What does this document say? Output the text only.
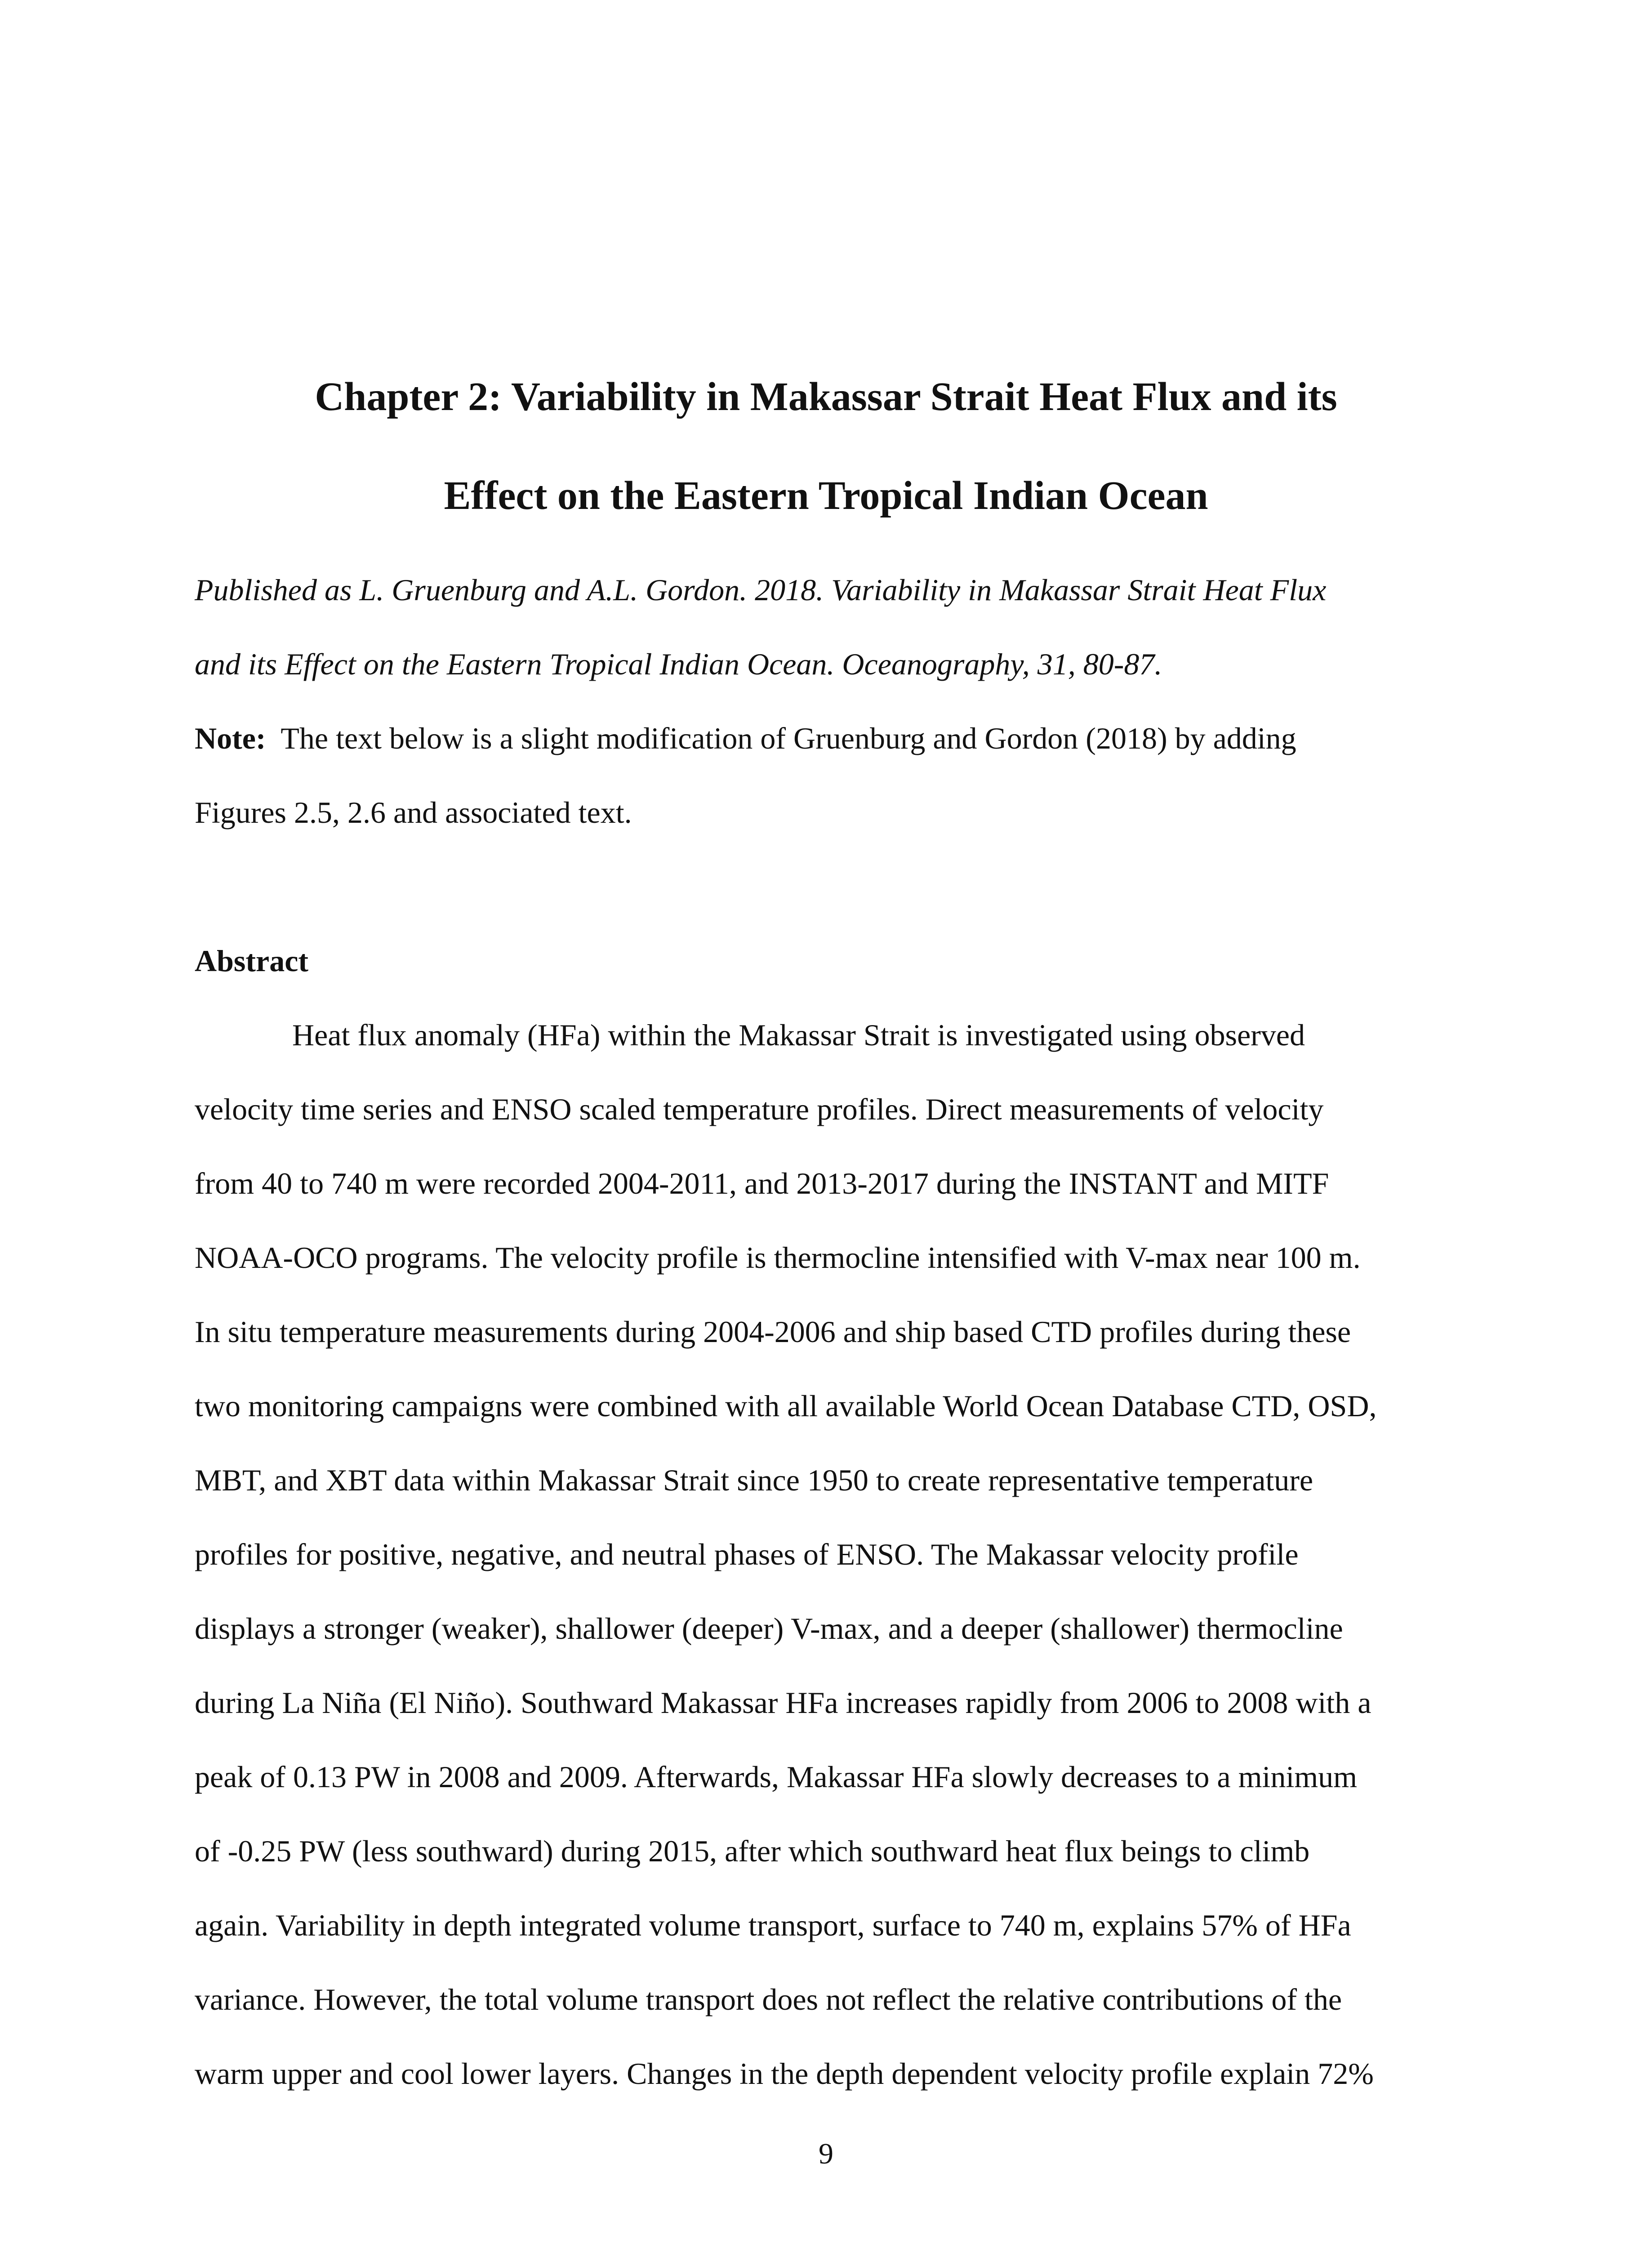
Chapter 2: Variability in Makassar Strait Heat Flux and its
Effect on the Eastern Tropical Indian Ocean
Published as L. Gruenburg and A.L. Gordon. 2018. Variability in Makassar Strait Heat Flux
and its Effect on the Eastern Tropical Indian Ocean. Oceanography, 31, 80-87.
Note:  The text below is a slight modification of Gruenburg and Gordon (2018) by adding
Figures 2.5, 2.6 and associated text.
Abstract
Heat flux anomaly (HFa) within the Makassar Strait is investigated using observed
velocity time series and ENSO scaled temperature profiles. Direct measurements of velocity
from 40 to 740 m were recorded 2004-2011, and 2013-2017 during the INSTANT and MITF
NOAA-OCO programs. The velocity profile is thermocline intensified with V-max near 100 m.
In situ temperature measurements during 2004-2006 and ship based CTD profiles during these
two monitoring campaigns were combined with all available World Ocean Database CTD, OSD,
MBT, and XBT data within Makassar Strait since 1950 to create representative temperature
profiles for positive, negative, and neutral phases of ENSO. The Makassar velocity profile
displays a stronger (weaker), shallower (deeper) V-max, and a deeper (shallower) thermocline
during La Niña (El Niño). Southward Makassar HFa increases rapidly from 2006 to 2008 with a
peak of 0.13 PW in 2008 and 2009. Afterwards, Makassar HFa slowly decreases to a minimum
of -0.25 PW (less southward) during 2015, after which southward heat flux beings to climb
again. Variability in depth integrated volume transport, surface to 740 m, explains 57% of HFa
variance. However, the total volume transport does not reflect the relative contributions of the
warm upper and cool lower layers. Changes in the depth dependent velocity profile explain 72%
9
